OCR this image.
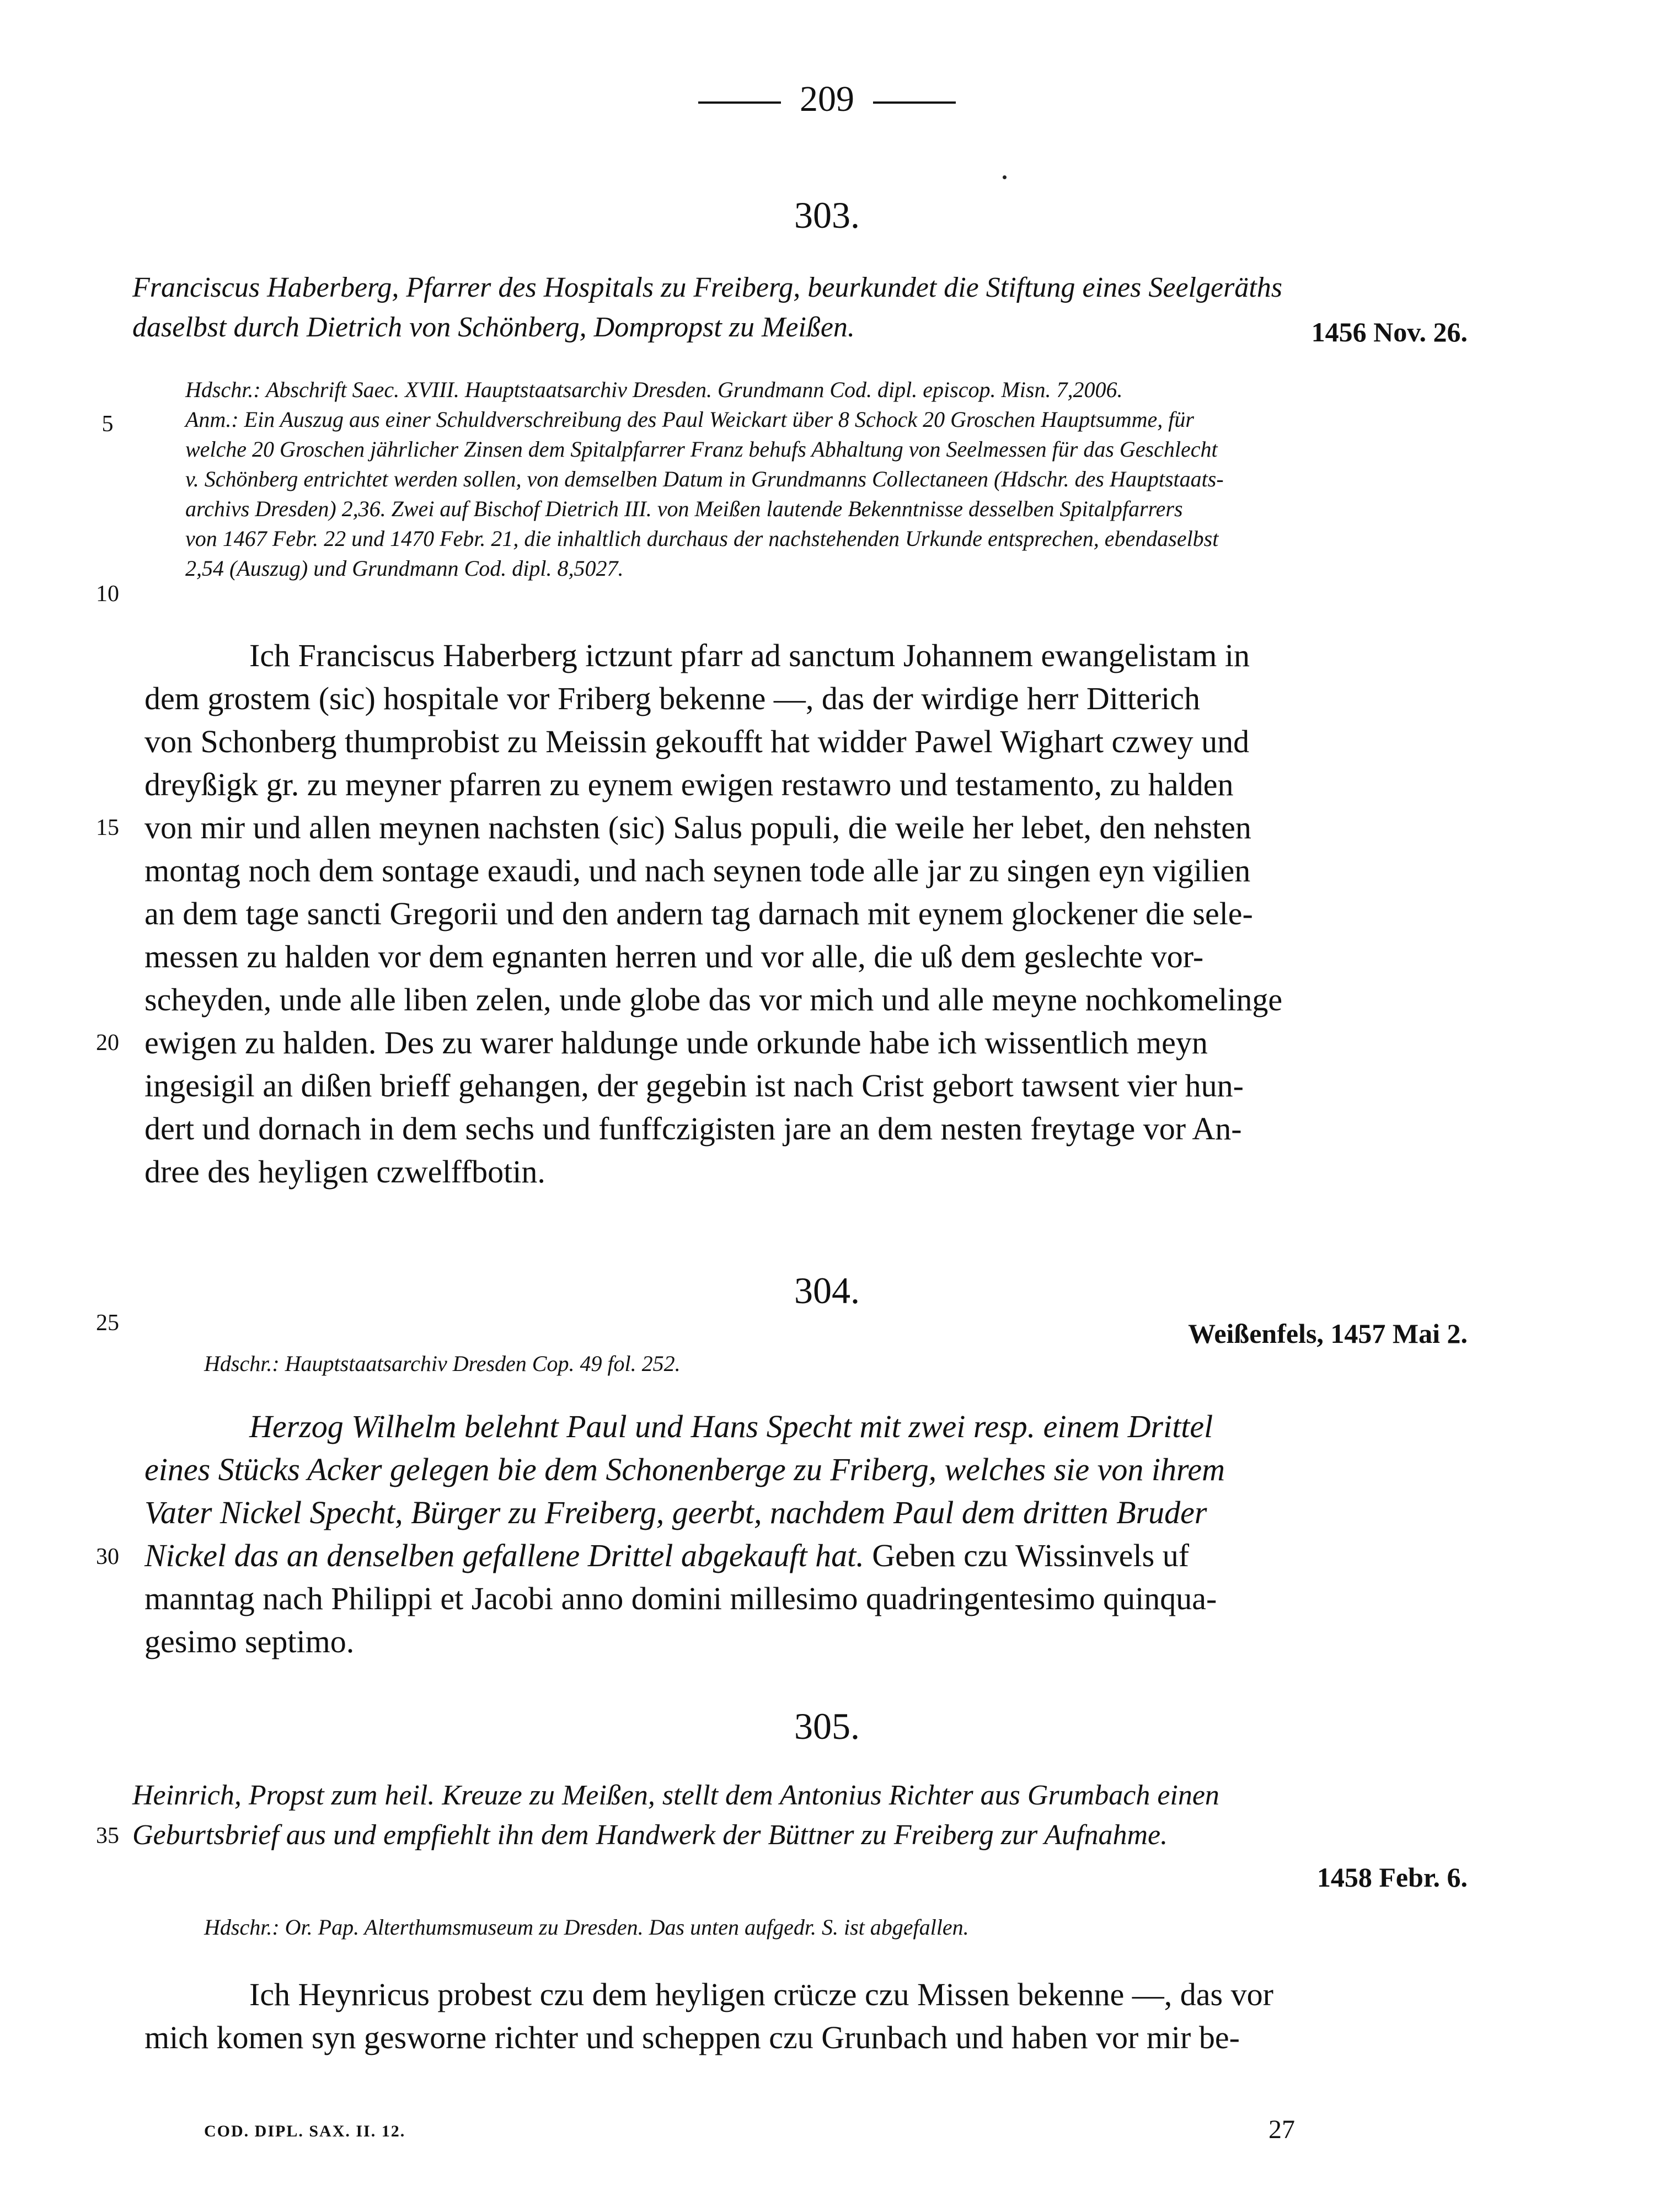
209
303.
Franciscus Haberberg, Pfarrer des Hospitals zu Freiberg, beurkundet die Stiftung eines Seelgeräths
daselbst durch Dietrich von Schönberg, Dompropst zu Meißen.	1456 Nov. 26.
Hdschr.: Abschrift Saec. XVIII. Hauptstaatsarchiv Dresden. Grundmann Cod. dipl. episcop. Misn. 7,2006.
Anm.: Ein Auszug aus einer Schuldverschreibung des Paul Weickart über 8 Schock 20 Groschen Hauptsumme, für
welche 20 Groschen jährlicher Zinsen dem Spitalpfarrer Franz behufs Abhaltung von Seelmessen für das Geschlecht
v. Schönberg entrichtet werden sollen, von demselben Datum in Grundmanns Collectaneen (Hdschr. des Hauptstaats-
archivs Dresden) 2,36. Zwei auf Bischof Dietrich III. von Meißen lautende Bekenntnisse desselben Spitalpfarrers
von 1467 Febr. 22 und 1470 Febr. 21, die inhaltlich durchaus der nachstehenden Urkunde entsprechen, ebendaselbst
2,54 (Auszug) und Grundmann Cod. dipl. 8,5027.
Ich Franciscus Haberberg ictzunt pfarr ad sanctum Johannem ewangelistam in
dem grostem (sic) hospitale vor Friberg bekenne —, das der wirdige herr Ditterich
von Schonberg thumprobist zu Meissin gekoufft hat widder Pawel Wighart czwey und
dreyßigk gr. zu meyner pfarren zu eynem ewigen restawro und testamento, zu halden
von mir und allen meynen nachsten (sic) Salus populi, die weile her lebet, den nehsten
montag noch dem sontage exaudi, und nach seynen tode alle jar zu singen eyn vigilien
an dem tage sancti Gregorii und den andern tag darnach mit eynem glockener die sele-
messen zu halden vor dem egnanten herren und vor alle, die uß dem geslechte vor-
scheyden, unde alle liben zelen, unde globe das vor mich und alle meyne nochkomelinge
ewigen zu halden. Des zu warer haldunge unde orkunde habe ich wissentlich meyn
ingesigil an dißen brieff gehangen, der gegebin ist nach Crist gebort tawsent vier hun-
dert und dornach in dem sechs und funffczigisten jare an dem nesten freytage vor An-
dree des heyligen czwelffbotin.
304.
Weißenfels, 1457 Mai 2.
Hdschr.: Hauptstaatsarchiv Dresden Cop. 49 fol. 252.
Herzog Wilhelm belehnt Paul und Hans Specht mit zwei resp. einem Drittel
eines Stücks Acker gelegen bie dem Schonenberge zu Friberg, welches sie von ihrem
Vater Nickel Specht, Bürger zu Freiberg, geerbt, nachdem Paul dem dritten Bruder
Nickel das an denselben gefallene Drittel abgekauft hat. Geben czu Wissinvels uf
manntag nach Philippi et Jacobi anno domini millesimo quadringentesimo quinqua-
gesimo septimo.
305.
Heinrich, Propst zum heil. Kreuze zu Meißen, stellt dem Antonius Richter aus Grumbach einen
Geburtsbrief aus und empfiehlt ihn dem Handwerk der Büttner zu Freiberg zur Aufnahme.
1458 Febr. 6.
Hdschr.: Or. Pap. Alterthumsmuseum zu Dresden. Das unten aufgedr. S. ist abgefallen.
Ich Heynricus probest czu dem heyligen crücze czu Missen bekenne —, das vor
mich komen syn gesworne richter und scheppen czu Grunbach und haben vor mir be-
5
10
15
20
25
30
35
COD. DIPL. SAX. II. 12.	27
